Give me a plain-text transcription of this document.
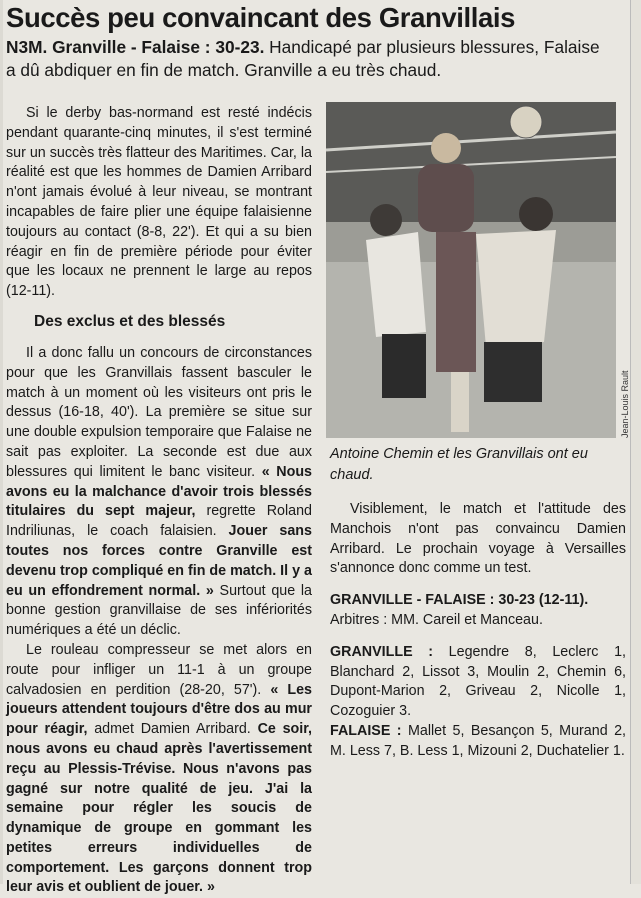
Succès peu convaincant des Granvillais
N3M. Granville - Falaise : 30-23. Handicapé par plusieurs blessures, Falaise a dû abdiquer en fin de match. Granville a eu très chaud.

Si le derby bas-normand est resté indécis pendant quarante-cinq minutes, il s'est terminé sur un succès très flatteur des Maritimes. Car, la réalité est que les hommes de Damien Arribard n'ont jamais évolué à leur niveau, se montrant incapables de faire plier une équipe falaisienne toujours au contact (8-8, 22'). Et qui a su bien réagir en fin de première période pour éviter que les locaux ne prennent le large au repos (12-11).

Des exclus et des blessés

Il a donc fallu un concours de circonstances pour que les Granvillais fassent basculer le match à un moment où les visiteurs ont pris le dessus (16-18, 40'). La première se situe sur une double expulsion temporaire que Falaise ne sait pas exploiter. La seconde est due aux blessures qui limitent le banc visiteur. « Nous avons eu la malchance d'avoir trois blessés titulaires du sept majeur, regrette Roland Indriliunas, le coach falaisien. Jouer sans toutes nos forces contre Granville est devenu trop compliqué en fin de match. Il y a eu un effondrement normal. » Surtout que la bonne gestion granvillaise de ses infériorités numériques a été un déclic.

Le rouleau compresseur se met alors en route pour infliger un 11-1 à un groupe calvadosien en perdition (28-20, 57'). « Les joueurs attendent toujours d'être dos au mur pour réagir, admet Damien Arribard. Ce soir, nous avons eu chaud après l'avertissement reçu au Plessis-Trévise. Nous n'avons pas gagné sur notre qualité de jeu. J'ai la semaine pour régler les soucis de dynamique de groupe en gommant les petites erreurs individuelles de comportement. Les garçons donnent trop leur avis et oublient de jouer. »

Jean-Louis Rault
Antoine Chemin et les Granvillais ont eu chaud.

Visiblement, le match et l'attitude des Manchois n'ont pas convaincu Damien Arribard. Le prochain voyage à Versailles s'annonce donc comme un test.

GRANVILLE - FALAISE : 30-23 (12-11).

Arbitres : MM. Careil et Manceau.

GRANVILLE : Legendre 8, Leclerc 1, Blanchard 2, Lissot 3, Moulin 2, Chemin 6, Dupont-Marion 2, Griveau 2, Nicolle 1, Cozoguier 3.

FALAISE : Mallet 5, Besançon 5, Murand 2, M. Less 7, B. Less 1, Mizouni 2, Duchatelier 1.
